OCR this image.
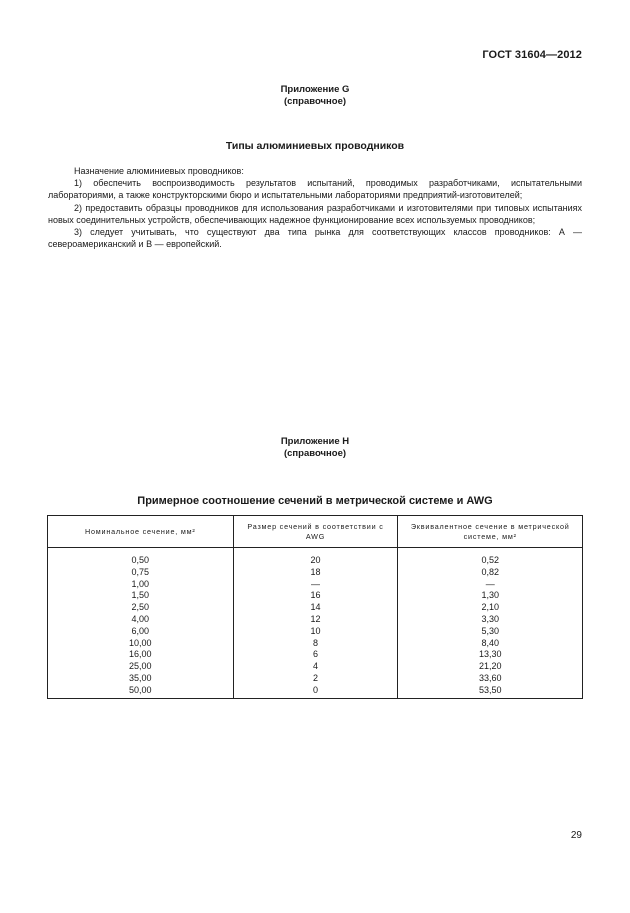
ГОСТ 31604—2012
Приложение G
(справочное)
Типы алюминиевых проводников

Назначение алюминиевых проводников:

1) обеспечить воспроизводимость результатов испытаний, проводимых разработчиками, испытательными лабораториями, а также конструкторскими бюро и испытательными лабораториями предприятий-изготовителей;

2) предоставить образцы проводников для использования разработчиками и изготовителями при типовых испытаниях новых соединительных устройств, обеспечивающих надежное функционирование всех используемых проводников;

3) следует учитывать, что существуют два типа рынка для соответствующих классов проводников: А — североамериканский и В — европейский.

Приложение Н
(справочное)
Примерное соотношение сечений в метрической системе и AWG
Номинальное сечение, мм²	Размер сечений в соответствии с AWG	Эквивалентное сечение в метрической системе, мм²
0,50	20	0,52
0,75	18	0,82
1,00	—	—
1,50	16	1,30
2,50	14	2,10
4,00	12	3,30
6,00	10	5,30
10,00	8	8,40
16,00	6	13,30
25,00	4	21,20
35,00	2	33,60
50,00	0	53,50
29
